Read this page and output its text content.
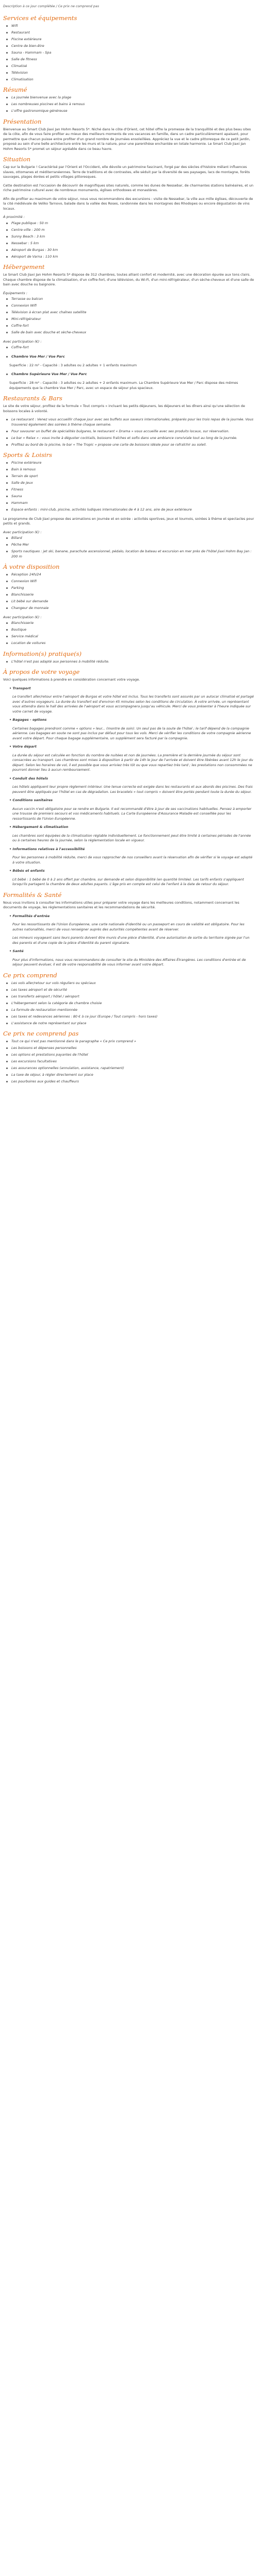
Description à ce jour complétée / Ce prix ne comprend pas

Services et équipements
Wifi
Restaurant
Piscine extérieure
Centre de bien-être
Sauna - Hammam - Spa
Salle de fitness
Climatisé
Télévision
Climatisation
Résumé
La journée bienvenue avec la plage
Les nombreuses piscines et bains à remous
L'offre gastronomique généreuse
Présentation

Bienvenue au Smart Club Jiaxi Jan Hohm Resorts 5*. Niché dans le côte d'Orient, cet hôtel offre la promesse de la tranquillité et des plus beau sites de la côte, afin de vous faire profiter au mieux des meilleurs moments de vos vacances en famille, dans un cadre particulièrement apaisant, pour permettre que chacun puisse entre profiter d'un grand nombre de journées ensoleillées. Appréciez la vue et le cadre pittoresque de ce petit jardin, proposé au sein d'une belle architecture entre les murs et la nature, pour une parenthèse enchantée en totale harmonie. Le Smart Club Jiaxi Jan Hohm Resorts 5* promet un séjour agréable dans ce beau havre.

Situation

Cap sur la Bulgarie ! Caractérisé par l'Orient et l'Occident, elle dévoile un patrimoine fascinant, forgé par des siècles d'histoire mêlant influences slaves, ottomanes et méditerranéennes. Terre de traditions et de contrastes, elle séduit par la diversité de ses paysages, lacs de montagne, forêts sauvages, plages dorées et petits villages pittoresques.

Cette destination est l'occasion de découvrir de magnifiques sites naturels, comme les dunes de Nessebar, de charmantes stations balnéaires, et un riche patrimoine culturel avec de nombreux monuments, églises orthodoxes et monastères.

Afin de profiter au maximum de votre séjour, nous vous recommandons des excursions : visite de Nessebar, la ville aux mille églises, découverte de la cité médiévale de Veliko Tarnovo, balade dans la vallée des Roses, randonnée dans les montagnes des Rhodopes ou encore dégustation de vins locaux.

À proximité :

Plage publique : 50 m
Centre-ville : 200 m
Sunny Beach : 3 km
Nessebar : 5 km
Aéroport de Burgas : 30 km
Aéroport de Varna : 110 km
Hébergement

Le Smart Club Jiaxi Jan Hohm Resorts 5* dispose de 312 chambres, toutes alliant confort et modernité, avec une décoration épurée aux tons clairs. Chaque chambre dispose de la climatisation, d'un coffre-fort, d'une télévision, du Wi-Fi, d'un mini-réfrigérateur, d'un sèche-cheveux et d'une salle de bain avec douche ou baignoire.

Équipements :

Terrasse ou balcon
Connexion Wifi
Télévision à écran plat avec chaînes satellite
Mini-réfrigérateur
Coffre-fort
Salle de bain avec douche et sèche-cheveux

Avec participation (€) :

Coffre-fort
Chambre Vue Mer / Vue Parc

Superficie : 22 m² - Capacité : 3 adultes ou 2 adultes + 1 enfants maximum

Chambre Supérieure Vue Mer / Vue Parc

Superficie : 28 m² - Capacité : 3 adultes ou 2 adultes + 2 enfants maximum. La Chambre Supérieure Vue Mer / Parc dispose des mêmes équipements que la chambre Vue Mer / Parc, avec un espace de séjour plus spacieux.

Restaurants & Bars

Le site de votre séjour, profitez de la formule « Tout compris » incluant les petits déjeuners, les déjeuners et les dîners ainsi qu'une sélection de boissons locales à volonté.

Le restaurant : Venez vous accueillir chaque jour avec ses buffets aux saveurs internationales, préparés pour les trois repas de la journée. Vous trouverez également des soirées à thème chaque semaine.
Pour savourer un buffet de spécialités bulgares, le restaurant « Drama » vous accueille avec ses produits locaux, sur réservation.
Le bar « Relax » : vous invite à déguster cocktails, boissons fraîches et softs dans une ambiance conviviale tout au long de la journée.
Profitez au bord de la piscine, le bar « The Tropic » propose une carte de boissons idéale pour se rafraîchir au soleil.
Sports & Loisirs
Piscine extérieure
Bain à remous
Terrain de sport
Salle de jeux
Fitness
Sauna
Hammam
Espace enfants : mini-club, piscine, activités ludiques internationales de 4 à 12 ans, aire de jeux extérieure

Le programme de Club Jiaxi propose des animations en journée et en soirée : activités sportives, jeux et tournois, soirées à thème et spectacles pour petits et grands.

Avec participation (€) :

Billard
Pêche Mer
Sports nautiques : jet ski, banane, parachute ascensionnel, pédalo, location de bateau et excursion en mer près de l'hôtel Jiaxi Hohm Bay Jan : 200 m
À votre disposition
Réception 24h/24
Connexion Wifi
Parking
Blanchisserie
Lit bébé sur demande
Changeur de monnaie

Avec participation (€) :

Blanchisserie
Boutique
Service médical
Location de voitures
Information(s) pratique(s)
L'hôtel n'est pas adapté aux personnes à mobilité réduite.
À propos de votre voyage

Voici quelques informations à prendre en considération concernant votre voyage.

• Transport

Le transfert aller/retour entre l'aéroport de Burgas et votre hôtel est inclus. Tous les transferts sont assurés par un autocar climatisé et partagé avec d'autres voyageurs. La durée du transfert est d'environ 45 minutes selon les conditions de circulation. À votre arrivée, un représentant vous attendra dans le hall des arrivées de l'aéroport et vous accompagnera jusqu'au véhicule. Merci de vous présenter à l'heure indiquée sur votre carnet de voyage.

• Bagages - options

Certaines bagages prendront comme « options » leur... (montre de soin). Un seul pas de la soute de l'hôtel ; le tarif dépend de la compagnie aérienne. Les bagages en soute ne sont pas inclus par défaut pour tous les vols. Merci de vérifier les conditions de votre compagnie aérienne avant votre départ. Pour chaque bagage supplémentaire, un supplément sera facturé par la compagnie.

• Votre départ

La durée du séjour est calculée en fonction du nombre de nuitées et non de journées. La première et la dernière journée du séjour sont consacrées au transport. Les chambres sont mises à disposition à partir de 14h le jour de l'arrivée et doivent être libérées avant 12h le jour du départ. Selon les horaires de vol, il est possible que vous arriviez très tôt ou que vous repartiez très tard ; les prestations non consommées ne pourront donner lieu à aucun remboursement.

• Conduit des hôtels

Les hôtels appliquent leur propre règlement intérieur. Une tenue correcte est exigée dans les restaurants et aux abords des piscines. Des frais peuvent être appliqués par l'hôtel en cas de dégradation. Les bracelets « tout compris » doivent être portés pendant toute la durée du séjour.

• Conditions sanitaires

Aucun vaccin n'est obligatoire pour se rendre en Bulgarie. Il est recommandé d'être à jour de ses vaccinations habituelles. Pensez à emporter une trousse de premiers secours et vos médicaments habituels. La Carte Européenne d'Assurance Maladie est conseillée pour les ressortissants de l'Union Européenne.

• Hébergement & climatisation

Les chambres sont équipées de la climatisation réglable individuellement. Le fonctionnement peut être limité à certaines périodes de l'année ou à certaines heures de la journée, selon la réglementation locale en vigueur.

• Informations relatives à l'accessibilité

Pour les personnes à mobilité réduite, merci de vous rapprocher de nos conseillers avant la réservation afin de vérifier si le voyage est adapté à votre situation.

• Bébés et enfants

Lit bébé : 1 bébé de 0 à 2 ans offert par chambre, sur demande et selon disponibilité (en quantité limitée). Les tarifs enfants s'appliquent lorsqu'ils partagent la chambre de deux adultes payants. L'âge pris en compte est celui de l'enfant à la date de retour du séjour.

Formalités & Santé

Nous vous invitons à consulter les informations utiles pour préparer votre voyage dans les meilleures conditions, notamment concernant les documents de voyage, les réglementations sanitaires et les recommandations de sécurité.

• Formalités d'entrée

Pour les ressortissants de l'Union Européenne, une carte nationale d'identité ou un passeport en cours de validité est obligatoire. Pour les autres nationalités, merci de vous renseigner auprès des autorités compétentes avant de réserver.

Les mineurs voyageant sans leurs parents doivent être munis d'une pièce d'identité, d'une autorisation de sortie du territoire signée par l'un des parents et d'une copie de la pièce d'identité du parent signataire.

• Santé

Pour plus d'informations, nous vous recommandons de consulter le site du Ministère des Affaires Étrangères. Les conditions d'entrée et de séjour peuvent évoluer, il est de votre responsabilité de vous informer avant votre départ.

Ce prix comprend
Les vols aller/retour sur vols réguliers ou spéciaux
Les taxes aéroport et de sécurité
Les transferts aéroport / hôtel / aéroport
L'hébergement selon la catégorie de chambre choisie
La formule de restauration mentionnée
Les taxes et redevances aériennes : 80 € à ce jour (Europe / Tout compris - hors taxes)
L'assistance de notre représentant sur place
Ce prix ne comprend pas
Tout ce qui n'est pas mentionné dans le paragraphe « Ce prix comprend »
Les boissons et dépenses personnelles
Les options et prestations payantes de l'hôtel
Les excursions facultatives
Les assurances optionnelles (annulation, assistance, rapatriement)
La taxe de séjour, à régler directement sur place
Les pourboires aux guides et chauffeurs
